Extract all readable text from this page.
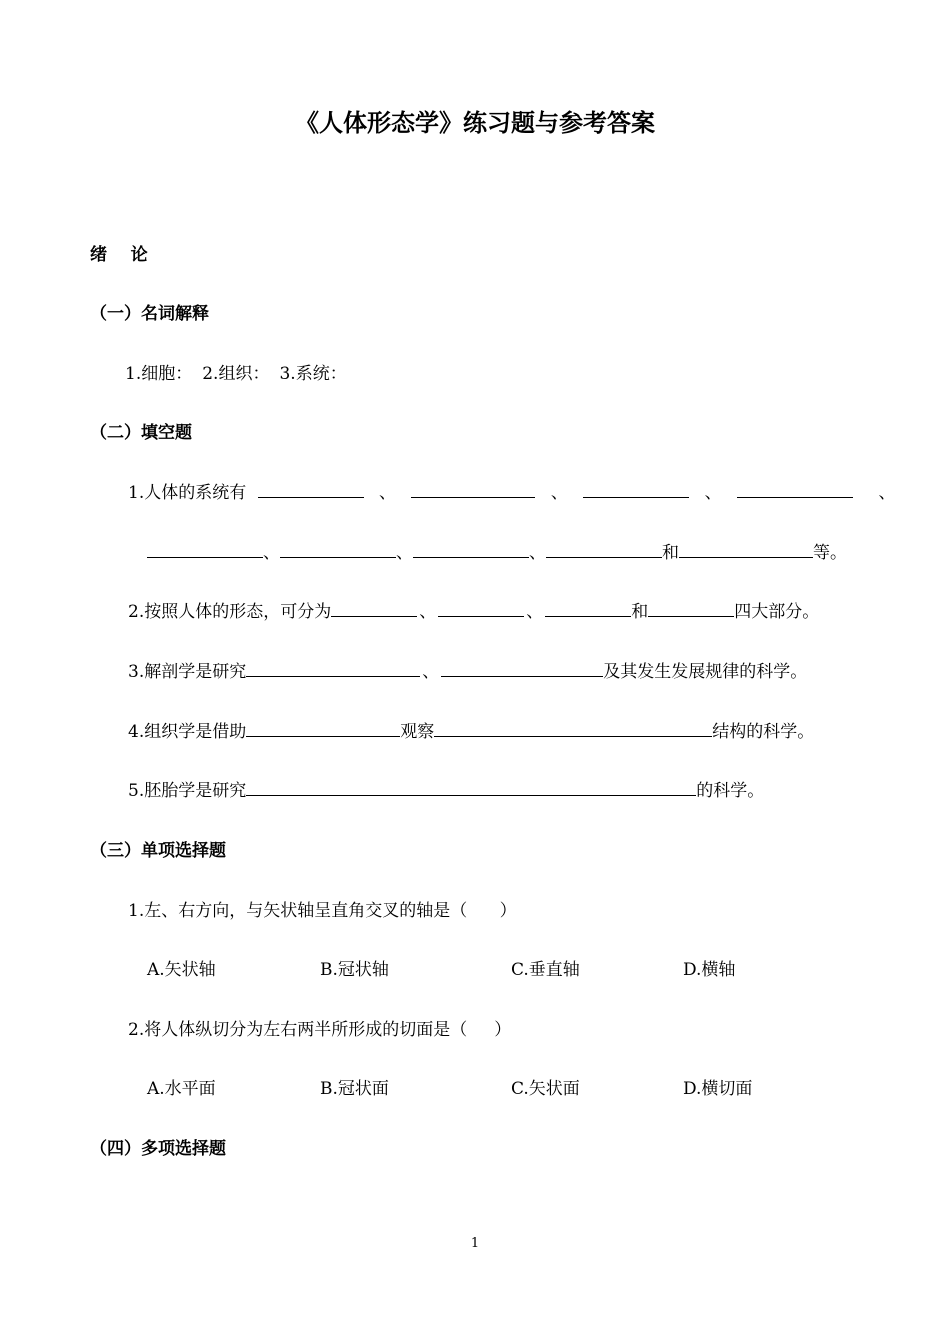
《人体形态学》练习题与参考答案
绪    论
（一）名词解释
1.细胞： 2.组织： 3.系统：
（二）填空题
1.人体的系统有	、	、	、	、
、	、	、	和	等。
2.按照人体的形态，可分为	、	、	和	四大部分。
3.解剖学是研究	、	及其发生发展规律的科学。
4.组织学是借助	观察	结构的科学。
5.胚胎学是研究	的科学。
（三）单项选择题
1.左、右方向，与矢状轴呈直角交叉的轴是（      ）
A.矢状轴	B.冠状轴	C.垂直轴	D.横轴
2.将人体纵切分为左右两半所形成的切面是（     ）
A.水平面	B.冠状面	C.矢状面	D.横切面
（四）多项选择题
1
